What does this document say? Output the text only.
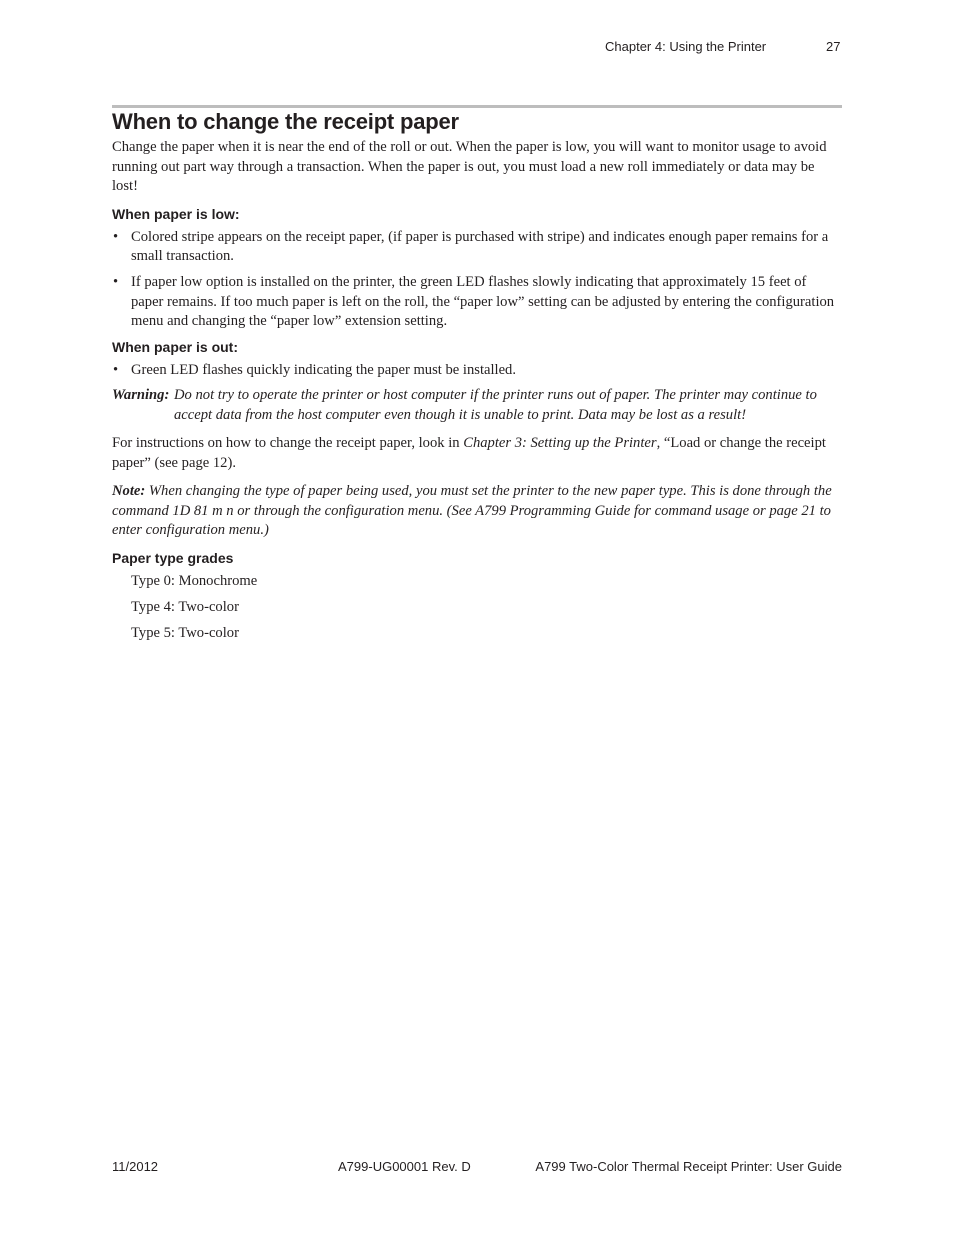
Chapter 4: Using the Printer	27
When to change the receipt paper

Change the paper when it is near the end of the roll or out. When the paper is low, you will want to monitor usage to avoid running out part way through a transaction. When the paper is out, you must load a new roll immediately or data may be lost!

When paper is low:
• Colored stripe appears on the receipt paper, (if paper is purchased with stripe) and indicates enough paper remains for a small transaction.
• If paper low option is installed on the printer, the green LED flashes slowly indicating that approximately 15 feet of paper remains. If too much paper is left on the roll, the “paper low” setting can be adjusted by entering the configuration menu and changing the “paper low” extension setting.
When paper is out:
• Green LED flashes quickly indicating the paper must be installed.
Warning: Do not try to operate the printer or host computer if the printer runs out of paper. The printer may continue to accept data from the host computer even though it is unable to print. Data may be lost as a result!

For instructions on how to change the receipt paper, look in Chapter 3: Setting up the Printer, “Load or change the receipt paper” (see page 12).

Note: When changing the type of paper being used, you must set the printer to the new paper type. This is done through the command 1D 81 m n or through the configuration menu. (See A799 Programming Guide for command usage or page 21 to enter configuration menu.)

Paper type grades
Type 0: Monochrome
Type 4: Two-color
Type 5: Two-color
11/2012	A799-UG00001 Rev. D	A799 Two-Color Thermal Receipt Printer: User Guide
